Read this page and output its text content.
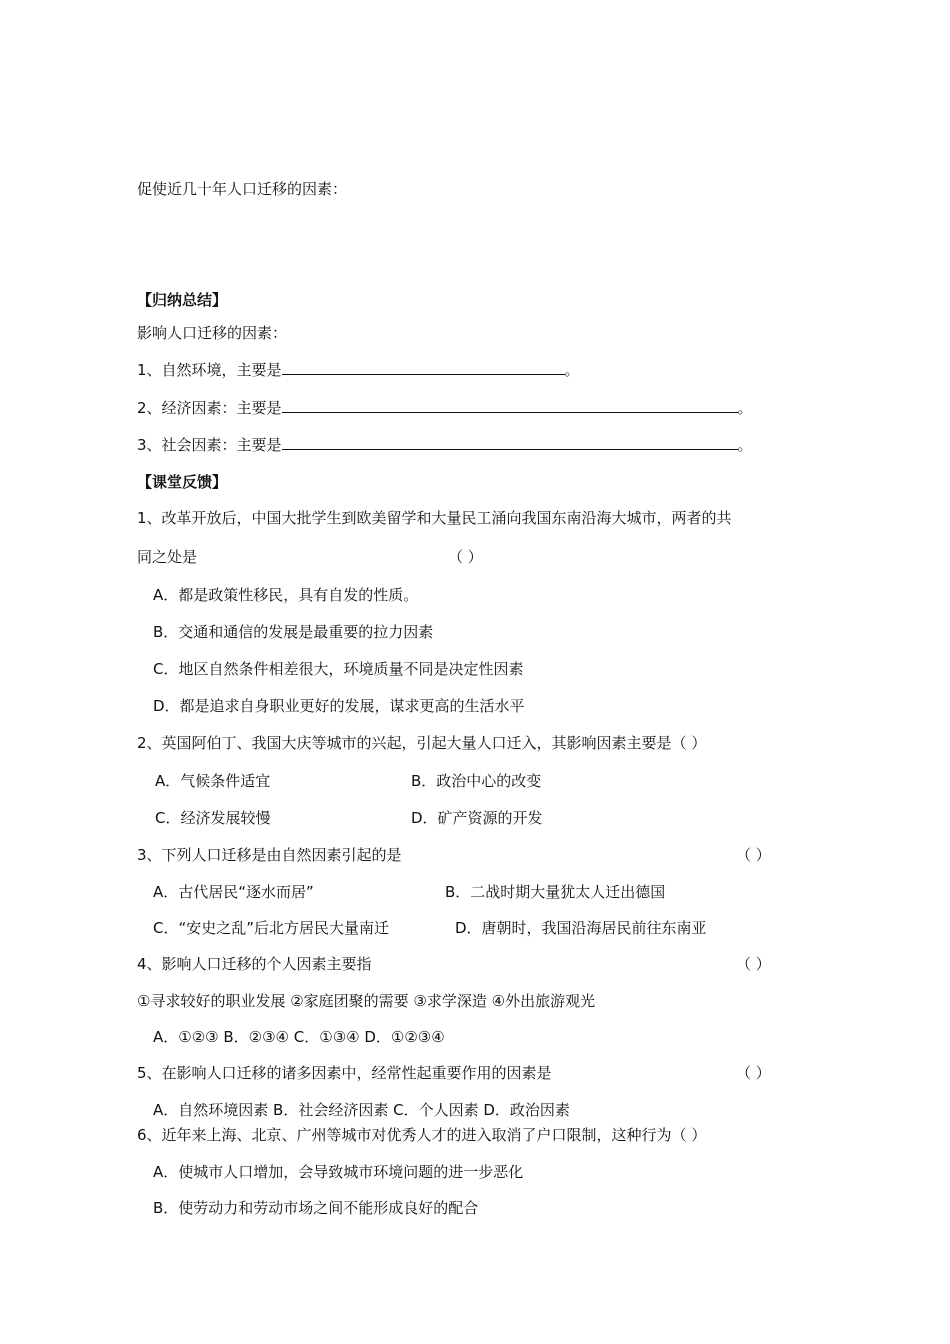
促使近几十年人口迁移的因素：
【归纳总结】
影响人口迁移的因素：
1、自然环境，主要是	。
2、经济因素：主要是	。
3、社会因素：主要是	。
【课堂反馈】
1、改革开放后，中国大批学生到欧美留学和大量民工涌向我国东南沿海大城市，两者的共
同之处是	（ ）
A．都是政策性移民，具有自发的性质。
B．交通和通信的发展是最重要的拉力因素
C．地区自然条件相差很大，环境质量不同是决定性因素
D．都是追求自身职业更好的发展，谋求更高的生活水平
2、英国阿伯丁、我国大庆等城市的兴起，引起大量人口迁入，其影响因素主要是（ ）
A．气候条件适宜	B．政治中心的改变
C．经济发展较慢	D．矿产资源的开发
3、下列人口迁移是由自然因素引起的是	（ ）
A．古代居民“逐水而居”	B．二战时期大量犹太人迁出德国
C．“安史之乱”后北方居民大量南迁	D．唐朝时，我国沿海居民前往东南亚
4、影响人口迁移的个人因素主要指	（ ）
①寻求较好的职业发展 ②家庭团聚的需要 ③求学深造 ④外出旅游观光
A．①②③ B．②③④ C．①③④ D．①②③④
5、在影响人口迁移的诸多因素中，经常性起重要作用的因素是	（ ）
A．自然环境因素 B．社会经济因素 C．个人因素 D．政治因素
6、近年来上海、北京、广州等城市对优秀人才的进入取消了户口限制，这种行为（ ）
A．使城市人口增加，会导致城市环境问题的进一步恶化
B．使劳动力和劳动市场之间不能形成良好的配合
